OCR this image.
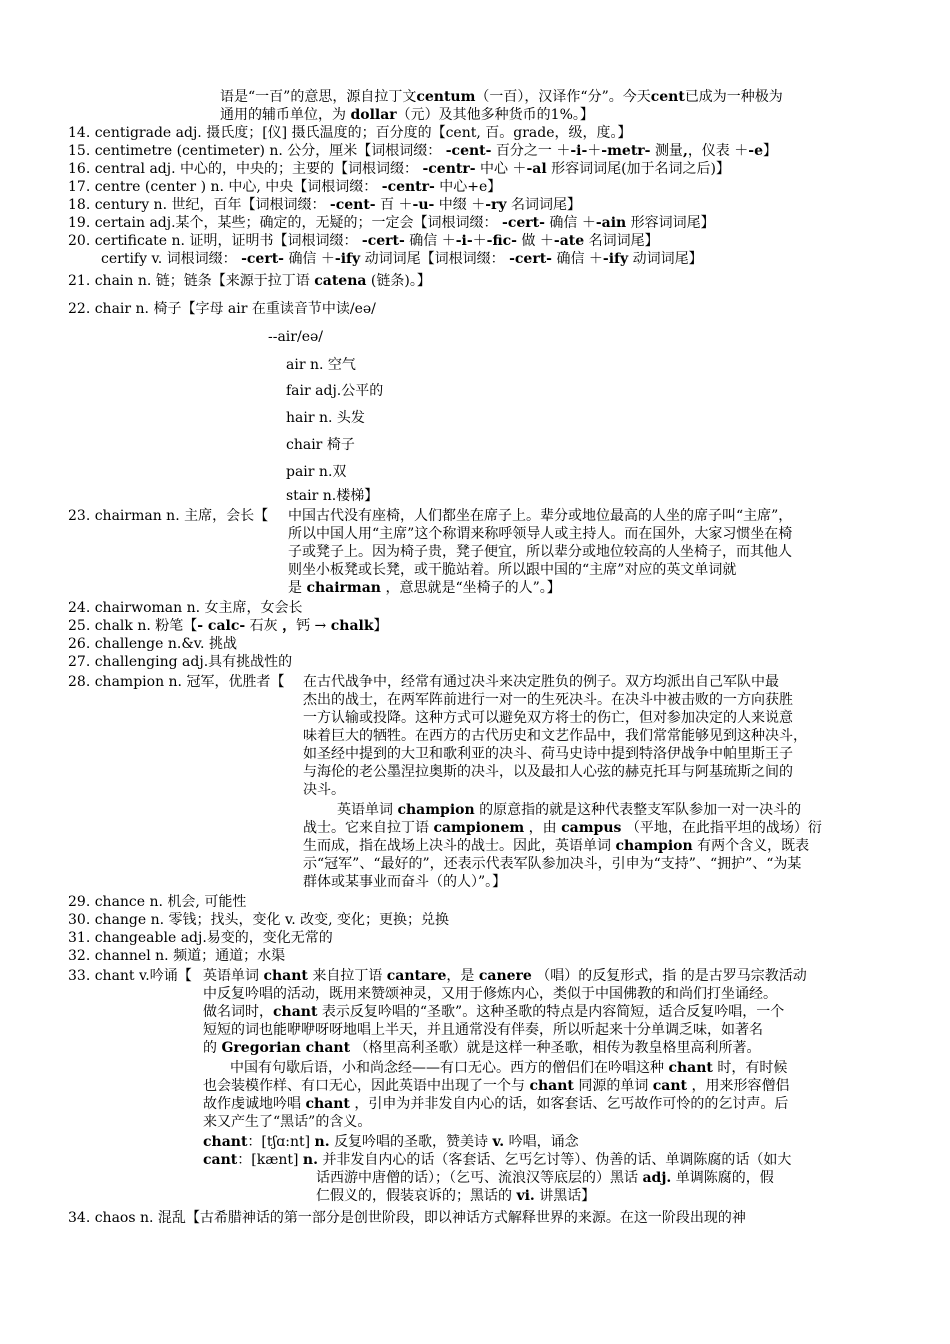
语是“一百”的意思，源自拉丁文centum（一百），汉译作“分”。今天cent已成为一种极为
通用的辅币单位，为 dollar（元）及其他多种货币的1%。】
14. centigrade adj. 摄氏度；[仪] 摄氏温度的；百分度的【cent, 百。grade，级，度。】
15. centimetre (centimeter) n. 公分，厘米【词根词缀： -cent- 百分之一 ＋-i-＋-metr- 测量,，仪表 ＋-e】
16. central adj. 中心的，中央的；主要的【词根词缀： -centr- 中心 ＋-al 形容词词尾(加于名词之后)】
17. centre (center ) n. 中心, 中央【词根词缀： -centr- 中心+e】
18. century n. 世纪，百年【词根词缀： -cent- 百 ＋-u- 中缀 ＋-ry 名词词尾】
19. certain adj.某个，某些；确定的，无疑的；一定会【词根词缀： -cert- 确信 ＋-ain 形容词词尾】
20. certificate n. 证明，证明书【词根词缀： -cert- 确信 ＋-i-＋-fic- 做 ＋-ate 名词词尾】
certify v. 词根词缀： -cert- 确信 ＋-ify 动词词尾【词根词缀： -cert- 确信 ＋-ify 动词词尾】
21. chain n. 链；链条【来源于拉丁语 catena (链条)。】
22. chair n. 椅子【字母 air 在重读音节中读/eə/
--air/eə/
air n. 空气
fair adj.公平的
hair n. 头发
chair 椅子
pair n.双
stair n.楼梯】
23. chairman n. 主席，会长【 中国古代没有座椅，人们都坐在席子上。辈分或地位最高的人坐的席子叫“主席”，
所以中国人用“主席”这个称谓来称呼领导人或主持人。而在国外，大家习惯坐在椅
子或凳子上。因为椅子贵，凳子便宜，所以辈分或地位较高的人坐椅子，而其他人
则坐小板凳或长凳，或干脆站着。所以跟中国的“主席”对应的英文单词就
是 chairman ，意思就是“坐椅子的人”。】
24. chairwoman n. 女主席，女会长
25. chalk n. 粉笔【- calc- 石灰 ，钙 → chalk】
26. challenge n.&v. 挑战
27. challenging adj.具有挑战性的
28. champion n. 冠军，优胜者【 在古代战争中，经常有通过决斗来决定胜负的例子。双方均派出自己军队中最
杰出的战士，在两军阵前进行一对一的生死决斗。在决斗中被击败的一方向获胜
一方认输或投降。这种方式可以避免双方将士的伤亡，但对参加决定的人来说意
味着巨大的牺牲。在西方的古代历史和文艺作品中，我们常常能够见到这种决斗，
如圣经中提到的大卫和歌利亚的决斗、荷马史诗中提到特洛伊战争中帕里斯王子
与海伦的老公墨涅拉奥斯的决斗，以及最扣人心弦的赫克托耳与阿基琉斯之间的
决斗。
英语单词 champion 的原意指的就是这种代表整支军队参加一对一决斗的
战士。它来自拉丁语 campionem ，由 campus （平地，在此指平坦的战场）衍
生而成，指在战场上决斗的战士。因此，英语单词 champion 有两个含义，既表
示“冠军”、“最好的”，还表示代表军队参加决斗，引申为“支持”、“拥护”、“为某
群体或某事业而奋斗（的人）”。】
29. chance n. 机会, 可能性
30. change n. 零钱；找头，变化 v. 改变, 变化；更换；兑换
31. changeable adj.易变的，变化无常的
32. channel n. 频道；通道；水渠
33. chant v.吟诵【 英语单词 chant 来自拉丁语 cantare，是 canere （唱）的反复形式，指 的是古罗马宗教活动
中反复吟唱的活动，既用来赞颂神灵，又用于修炼内心，类似于中国佛教的和尚们打坐诵经。
做名词时，chant 表示反复吟唱的“圣歌”。这种圣歌的特点是内容简短，适合反复吟唱，一个
短短的词也能咿咿呀呀地唱上半天，并且通常没有伴奏，所以听起来十分单调乏味，如著名
的 Gregorian chant （格里高利圣歌）就是这样一种圣歌，相传为教皇格里高利所著。
中国有句歇后语，小和尚念经——有口无心。西方的僧侣们在吟唱这种 chant 时，有时候
也会装模作样、有口无心，因此英语中出现了一个与 chant 同源的单词 cant ，用来形容僧侣
故作虔诚地吟唱 chant ，引申为并非发自内心的话，如客套话、乞丐故作可怜的的乞讨声。后
来又产生了“黑话”的含义。
chant：[tʃɑ:nt] n. 反复吟唱的圣歌，赞美诗 v. 吟唱，诵念
cant：[kænt] n. 并非发自内心的话（客套话、乞丐乞讨等）、伪善的话、单调陈腐的话（如大
话西游中唐僧的话）；（乞丐、流浪汉等底层的）黑话 adj. 单调陈腐的，假
仁假义的，假装哀诉的；黑话的 vi. 讲黑话】
34. chaos n. 混乱【古希腊神话的第一部分是创世阶段，即以神话方式解释世界的来源。在这一阶段出现的神
